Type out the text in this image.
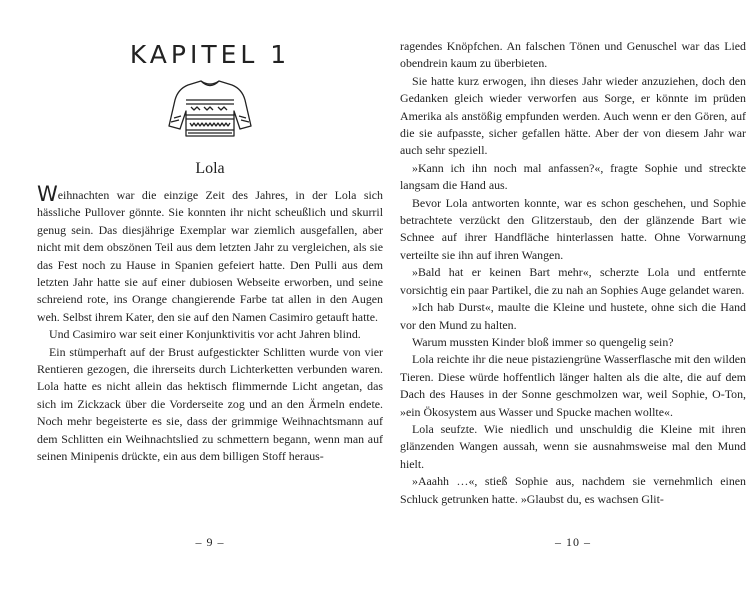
KAPITEL 1
Lola

Weihnachten war die einzige Zeit des Jahres, in der Lola sich hässliche Pullover gönnte. Sie konnten ihr nicht scheußlich und skurril genug sein. Das diesjährige Exemplar war ziemlich ausgefallen, aber nicht mit dem obszönen Teil aus dem letzten Jahr zu vergleichen, als sie das Fest noch zu Hause in Spanien gefeiert hatte. Den Pulli aus dem letzten Jahr hatte sie auf einer dubiosen Webseite erworben, und seine schreiend rote, ins Orange changierende Farbe tat allen in den Augen weh. Selbst ihrem Kater, den sie auf den Namen Casimiro getauft hatte.

Und Casimiro war seit einer Konjunktivitis vor acht Jahren blind.

Ein stümperhaft auf der Brust aufgestickter Schlitten wurde von vier Rentieren gezogen, die ihrerseits durch Lichterketten verbunden waren. Lola hatte es nicht allein das hektisch flimmernde Licht angetan, das sich im Zickzack über die Vorderseite zog und an den Ärmeln endete. Noch mehr begeisterte es sie, dass der grimmige Weihnachtsmann auf dem Schlitten ein Weihnachtslied zu schmettern begann, wenn man auf seinen Minipenis drückte, ein aus dem billigen Stoff heraus-

– 9 –

ragendes Knöpfchen. An falschen Tönen und Genuschel war das Lied obendrein kaum zu überbieten.

Sie hatte kurz erwogen, ihn dieses Jahr wieder anzuziehen, doch den Gedanken gleich wieder verworfen aus Sorge, er könnte im prüden Amerika als anstößig empfunden werden. Auch wenn er den Gören, auf die sie aufpasste, sicher gefallen hätte. Aber der von diesem Jahr war auch sehr speziell.

»Kann ich ihn noch mal anfassen?«, fragte Sophie und streckte langsam die Hand aus.

Bevor Lola antworten konnte, war es schon geschehen, und Sophie betrachtete verzückt den Glitzerstaub, den der glänzende Bart wie Schnee auf ihrer Handfläche hinterlassen hatte. Ohne Vorwarnung verteilte sie ihn auf ihren Wangen.

»Bald hat er keinen Bart mehr«, scherzte Lola und entfernte vorsichtig ein paar Partikel, die zu nah an Sophies Auge gelandet waren.

»Ich hab Durst«, maulte die Kleine und hustete, ohne sich die Hand vor den Mund zu halten.

Warum mussten Kinder bloß immer so quengelig sein?

Lola reichte ihr die neue pistaziengrüne Wasserflasche mit den wilden Tieren. Diese würde hoffentlich länger halten als die alte, die auf dem Dach des Hauses in der Sonne geschmolzen war, weil Sophie, O-Ton, »ein Ökosystem aus Wasser und Spucke machen wollte«.

Lola seufzte. Wie niedlich und unschuldig die Kleine mit ihren glänzenden Wangen aussah, wenn sie ausnahmsweise mal den Mund hielt.

»Aaahh …«, stieß Sophie aus, nachdem sie vernehmlich einen Schluck getrunken hatte. »Glaubst du, es wachsen Glit-

– 10 –
